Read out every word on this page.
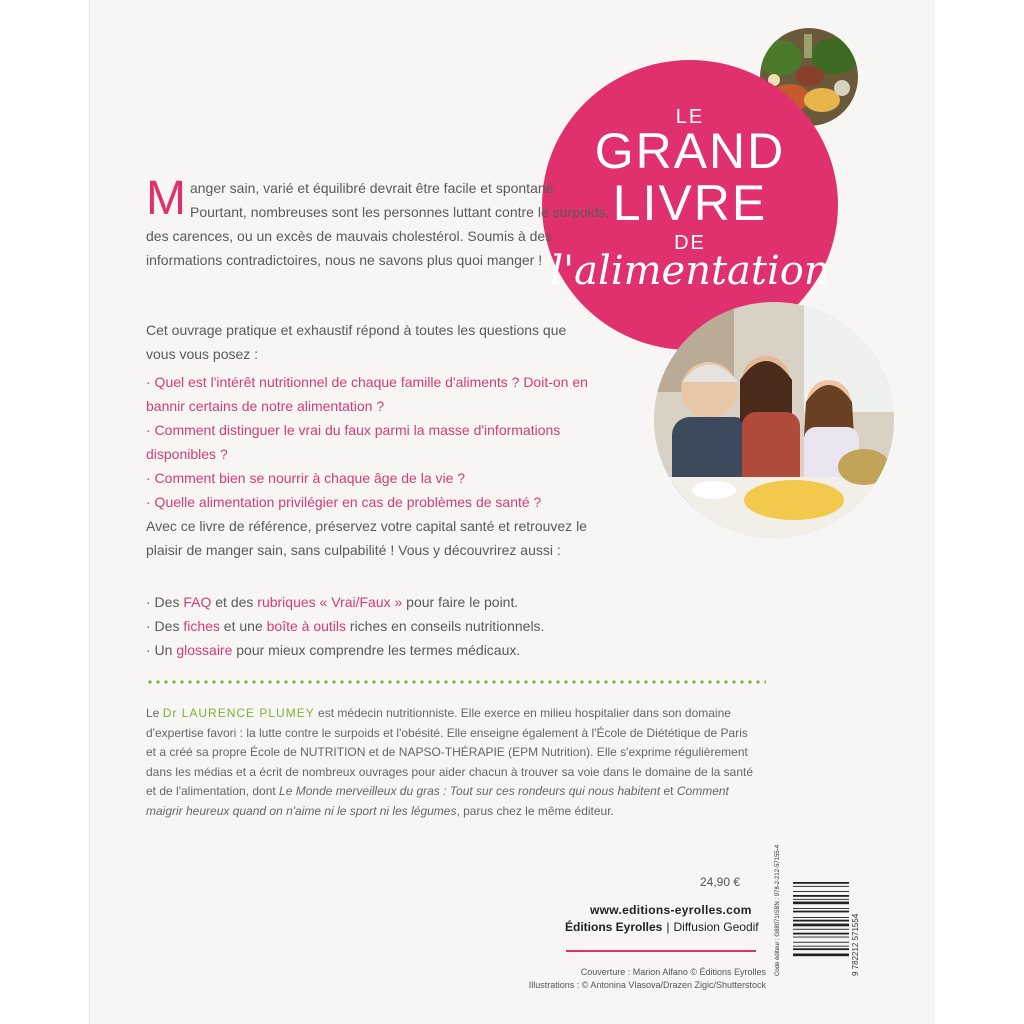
LE
GRAND
LIVRE
DE
l'alimentation
Manger sain, varié et équilibré devrait être facile et spontané. Pourtant, nombreuses sont les personnes luttant contre le surpoids, des carences, ou un excès de mauvais cholestérol. Soumis à des informations contradictoires, nous ne savons plus quoi manger !
Cet ouvrage pratique et exhaustif répond à toutes les questions que vous vous posez :
· Quel est l'intérêt nutritionnel de chaque famille d'aliments ? Doit-on en bannir certains de notre alimentation ?
· Comment distinguer le vrai du faux parmi la masse d'informations disponibles ?
· Comment bien se nourrir à chaque âge de la vie ?
· Quelle alimentation privilégier en cas de problèmes de santé ?
Avec ce livre de référence, préservez votre capital santé et retrouvez le plaisir de manger sain, sans culpabilité ! Vous y découvrirez aussi :
· Des FAQ et des rubriques « Vrai/Faux » pour faire le point.
· Des fiches et une boîte à outils riches en conseils nutritionnels.
· Un glossaire pour mieux comprendre les termes médicaux.
Le Dr LAURENCE PLUMEY est médecin nutritionniste. Elle exerce en milieu hospitalier dans son domaine d'expertise favori : la lutte contre le surpoids et l'obésité. Elle enseigne également à l'École de Diététique de Paris et a créé sa propre École de NUTRITION et de NAPSO-THÉRAPIE (EPM Nutrition). Elle s'exprime régulièrement dans les médias et a écrit de nombreux ouvrages pour aider chacun à trouver sa voie dans le domaine de la santé et de l'alimentation, dont Le Monde merveilleux du gras : Tout sur ces rondeurs qui nous habitent et Comment maigrir heureux quand on n'aime ni le sport ni les légumes, parus chez le même éditeur.
24,90 €
www.editions-eyrolles.com
Éditions Eyrolles | Diffusion Geodif
Couverture : Marion Alfano © Éditions Eyrolles
Illustrations : © Antonina Vlasova/Drazen Zigic/Shutterstock
Code éditeur : G88071ISBN : 978-2-212-57155-4	9 782212 571554
